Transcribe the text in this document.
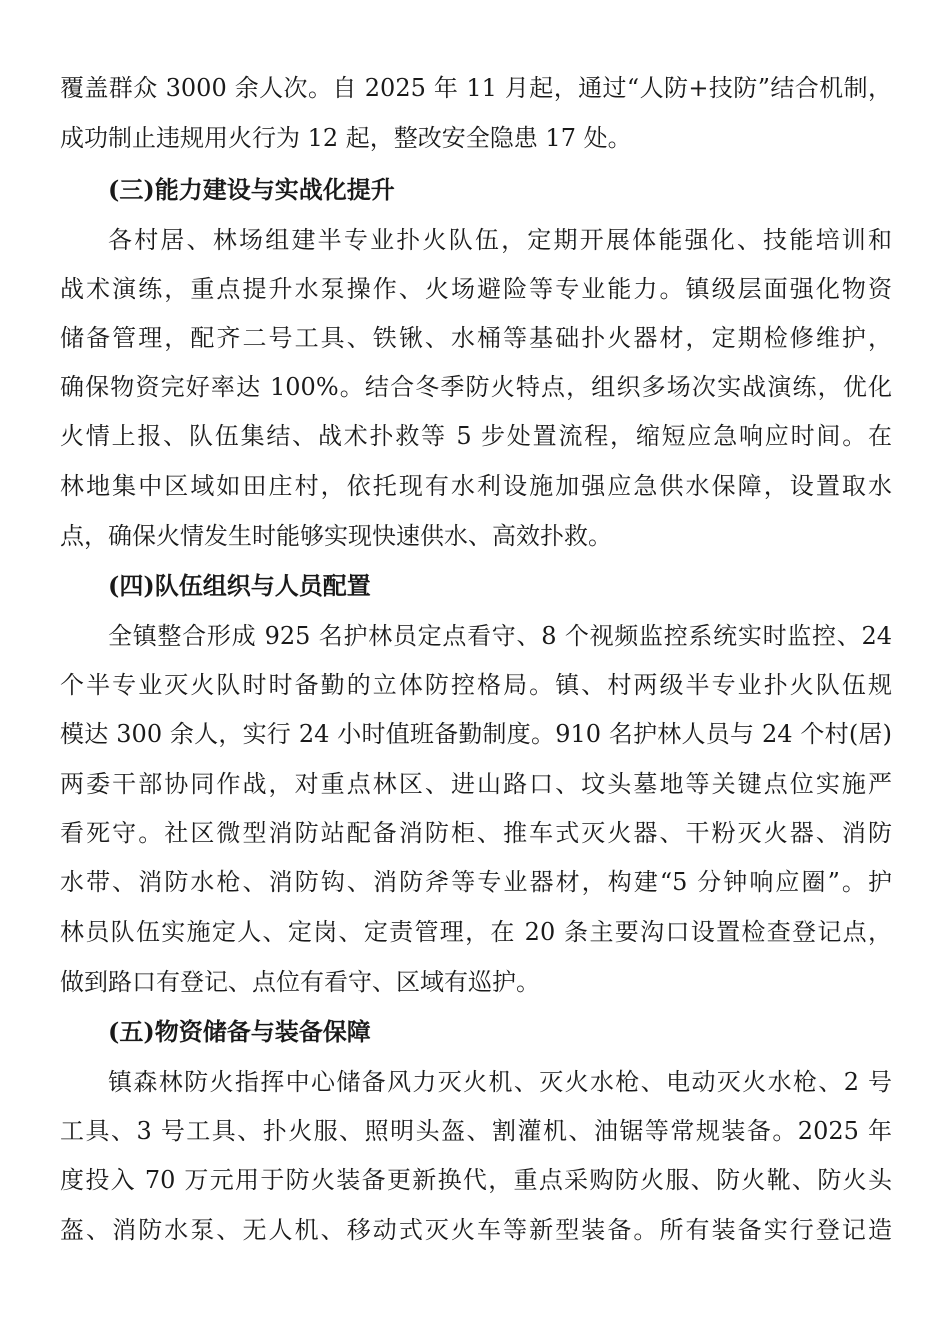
覆盖群众 3000 余人次。自 2025 年 11 月起，通过“人防+技防”结合机制，
成功制止违规用火行为 12 起，整改安全隐患 17 处。
(三)能力建设与实战化提升
各村居、林场组建半专业扑火队伍，定期开展体能强化、技能培训和
战术演练，重点提升水泵操作、火场避险等专业能力。镇级层面强化物资
储备管理，配齐二号工具、铁锹、水桶等基础扑火器材，定期检修维护，
确保物资完好率达 100%。结合冬季防火特点，组织多场次实战演练，优化
火情上报、队伍集结、战术扑救等 5 步处置流程，缩短应急响应时间。在
林地集中区域如田庄村，依托现有水利设施加强应急供水保障，设置取水
点，确保火情发生时能够实现快速供水、高效扑救。
(四)队伍组织与人员配置
全镇整合形成 925 名护林员定点看守、8 个视频监控系统实时监控、24
个半专业灭火队时时备勤的立体防控格局。镇、村两级半专业扑火队伍规
模达 300 余人，实行 24 小时值班备勤制度。910 名护林人员与 24 个村(居)
两委干部协同作战，对重点林区、进山路口、坟头墓地等关键点位实施严
看死守。社区微型消防站配备消防柜、推车式灭火器、干粉灭火器、消防
水带、消防水枪、消防钩、消防斧等专业器材，构建“5 分钟响应圈”。护
林员队伍实施定人、定岗、定责管理，在 20 条主要沟口设置检查登记点，
做到路口有登记、点位有看守、区域有巡护。
(五)物资储备与装备保障
镇森林防火指挥中心储备风力灭火机、灭火水枪、电动灭火水枪、2 号
工具、3 号工具、扑火服、照明头盔、割灌机、油锯等常规装备。2025 年
度投入 70 万元用于防火装备更新换代，重点采购防火服、防火靴、防火头
盔、消防水泵、无人机、移动式灭火车等新型装备。所有装备实行登记造
